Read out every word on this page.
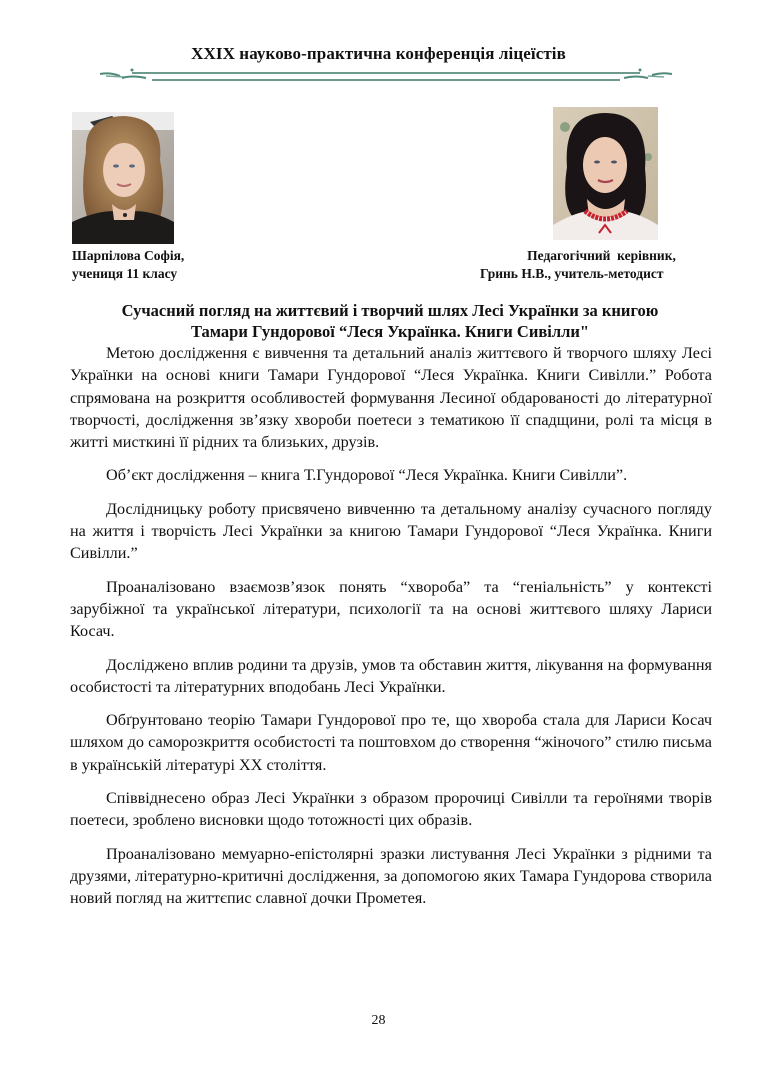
XXIX науково-практична конференція ліцеїстів
Шарпілова Софія,
учениця 11 класу
Педагогічний  керівник,
Гринь Н.В., учитель-методист
Сучасний погляд на життєвий і творчий шлях Лесі Українки за книгою
Тамари Гундорової “Леся Українка. Книги Сивілли"

Метою дослідження є вивчення та детальний аналіз життєвого й творчого шляху Лесі Українки на основі книги Тамари Гундорової “Леся Українка. Книги Сивілли.” Робота спрямована на розкриття особливостей формування Лесиної обдарованості до літературної творчості, дослідження зв’язку хвороби поетеси з тематикою її спадщини, ролі та місця в житті мисткині її рідних та близьких, друзів.

Об’єкт дослідження – книга Т.Гундорової “Леся Українка. Книги Сивілли”.

Дослідницьку роботу присвячено вивченню та детальному аналізу сучасного погляду на життя і творчість Лесі Українки за книгою Тамари Гундорової “Леся Українка. Книги Сивілли.”

Проаналізовано взаємозв’язок понять “хвороба” та “геніальність” у контексті зарубіжної та української літератури, психології та на основі життєвого шляху Лариси Косач.

Досліджено вплив родини та друзів, умов та обставин життя, лікування на формування особистості та літературних вподобань Лесі Українки.

Обґрунтовано теорію Тамари Гундорової про те, що хвороба стала для Лариси Косач шляхом до саморозкриття особистості та поштовхом до створення “жіночого” стилю письма в українській літературі XX століття.

Співвіднесено образ Лесі Українки з образом пророчиці Сивілли та героїнями творів поетеси, зроблено висновки щодо тотожності цих образів.

Проаналізовано мемуарно-епістолярні зразки листування Лесі Українки з рідними та друзями, літературно-критичні дослідження, за допомогою яких Тамара Гундорова створила новий погляд на життєпис славної дочки Прометея.

28
